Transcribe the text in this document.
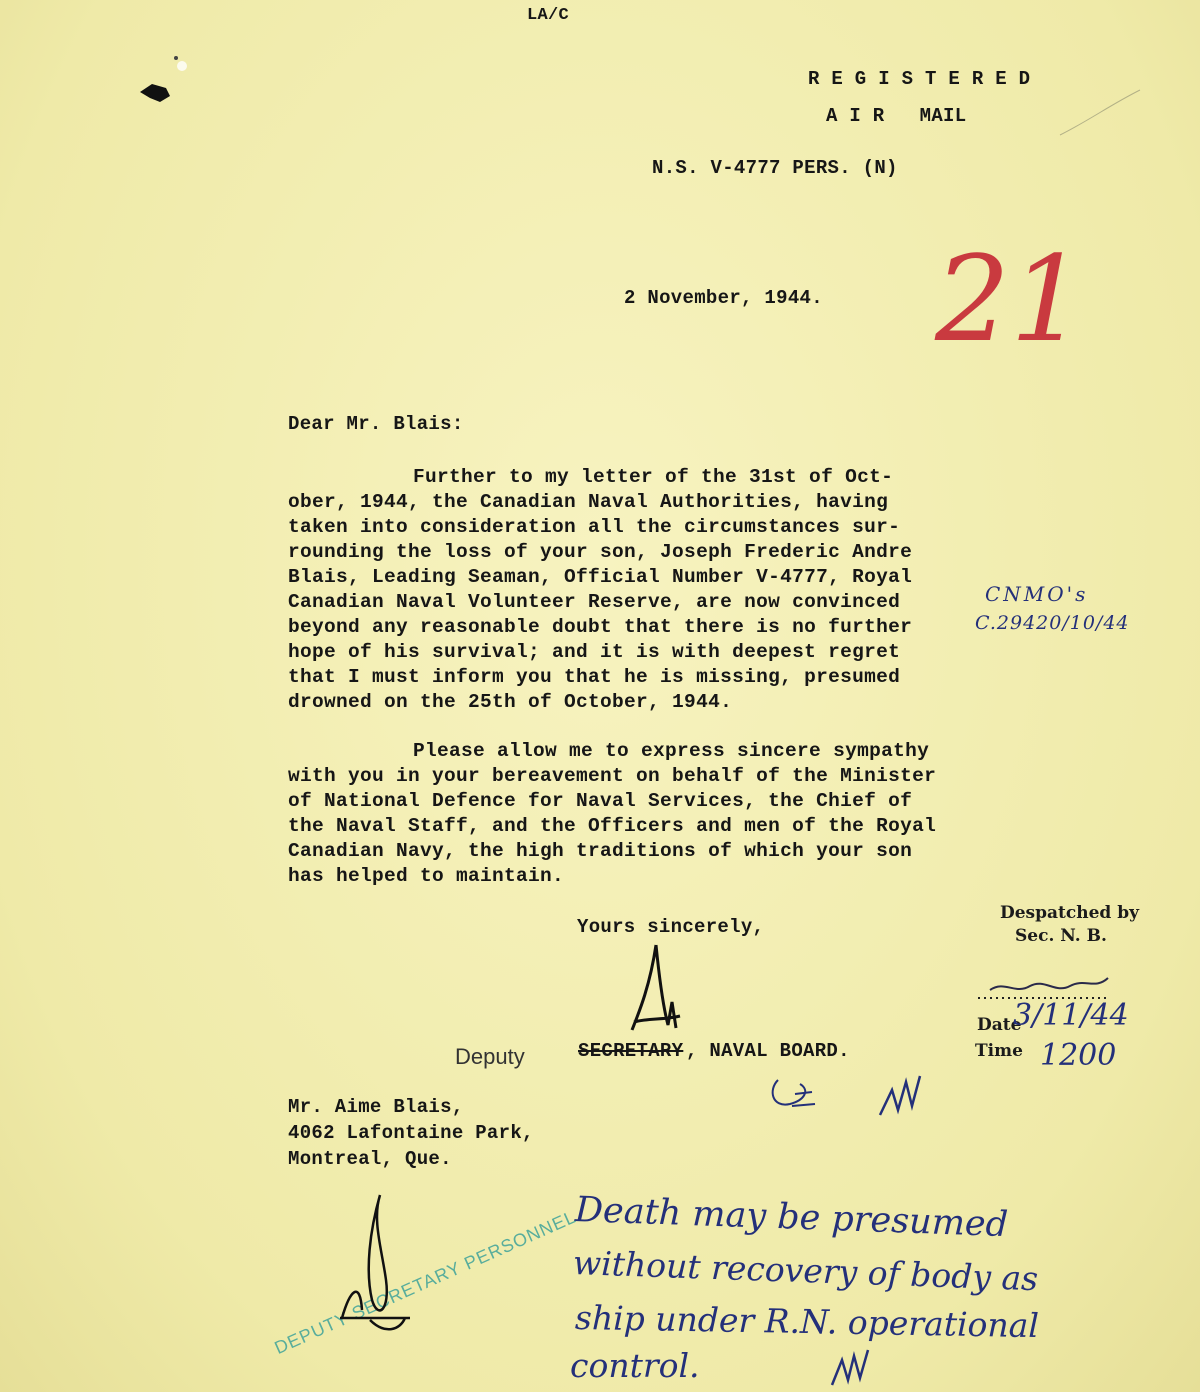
LA/C
R E G I S T E R E D
A I R   MAIL
N.S. V-4777 PERS. (N)
21
2 November, 1944.
Dear Mr. Blais:
Further to my letter of the 31st of Oct-
ober, 1944, the Canadian Naval Authorities, having
taken into consideration all the circumstances sur-
rounding the loss of your son, Joseph Frederic Andre
Blais, Leading Seaman, Official Number V-4777, Royal
Canadian Naval Volunteer Reserve, are now convinced
beyond any reasonable doubt that there is no further
hope of his survival; and it is with deepest regret
that I must inform you that he is missing, presumed
drowned on the 25th of October, 1944.
CNMO's
C.29420/10/44
Please allow me to express sincere sympathy
with you in your bereavement on behalf of the Minister
of National Defence for Naval Services, the Chief of
the Naval Staff, and the Officers and men of the Royal
Canadian Navy, the high traditions of which your son
has helped to maintain.
Yours sincerely,
Despatched by
Sec. N. B.
Date
3/11/44
Time 1200
Deputy	SECRETARY , NAVAL BOARD.
Mr. Aime Blais,
4062 Lafontaine Park,
Montreal, Que.
Death may be presumed
without recovery of body as
ship under R.N. operational
control.
DEPUTY SECRETARY PERSONNEL
